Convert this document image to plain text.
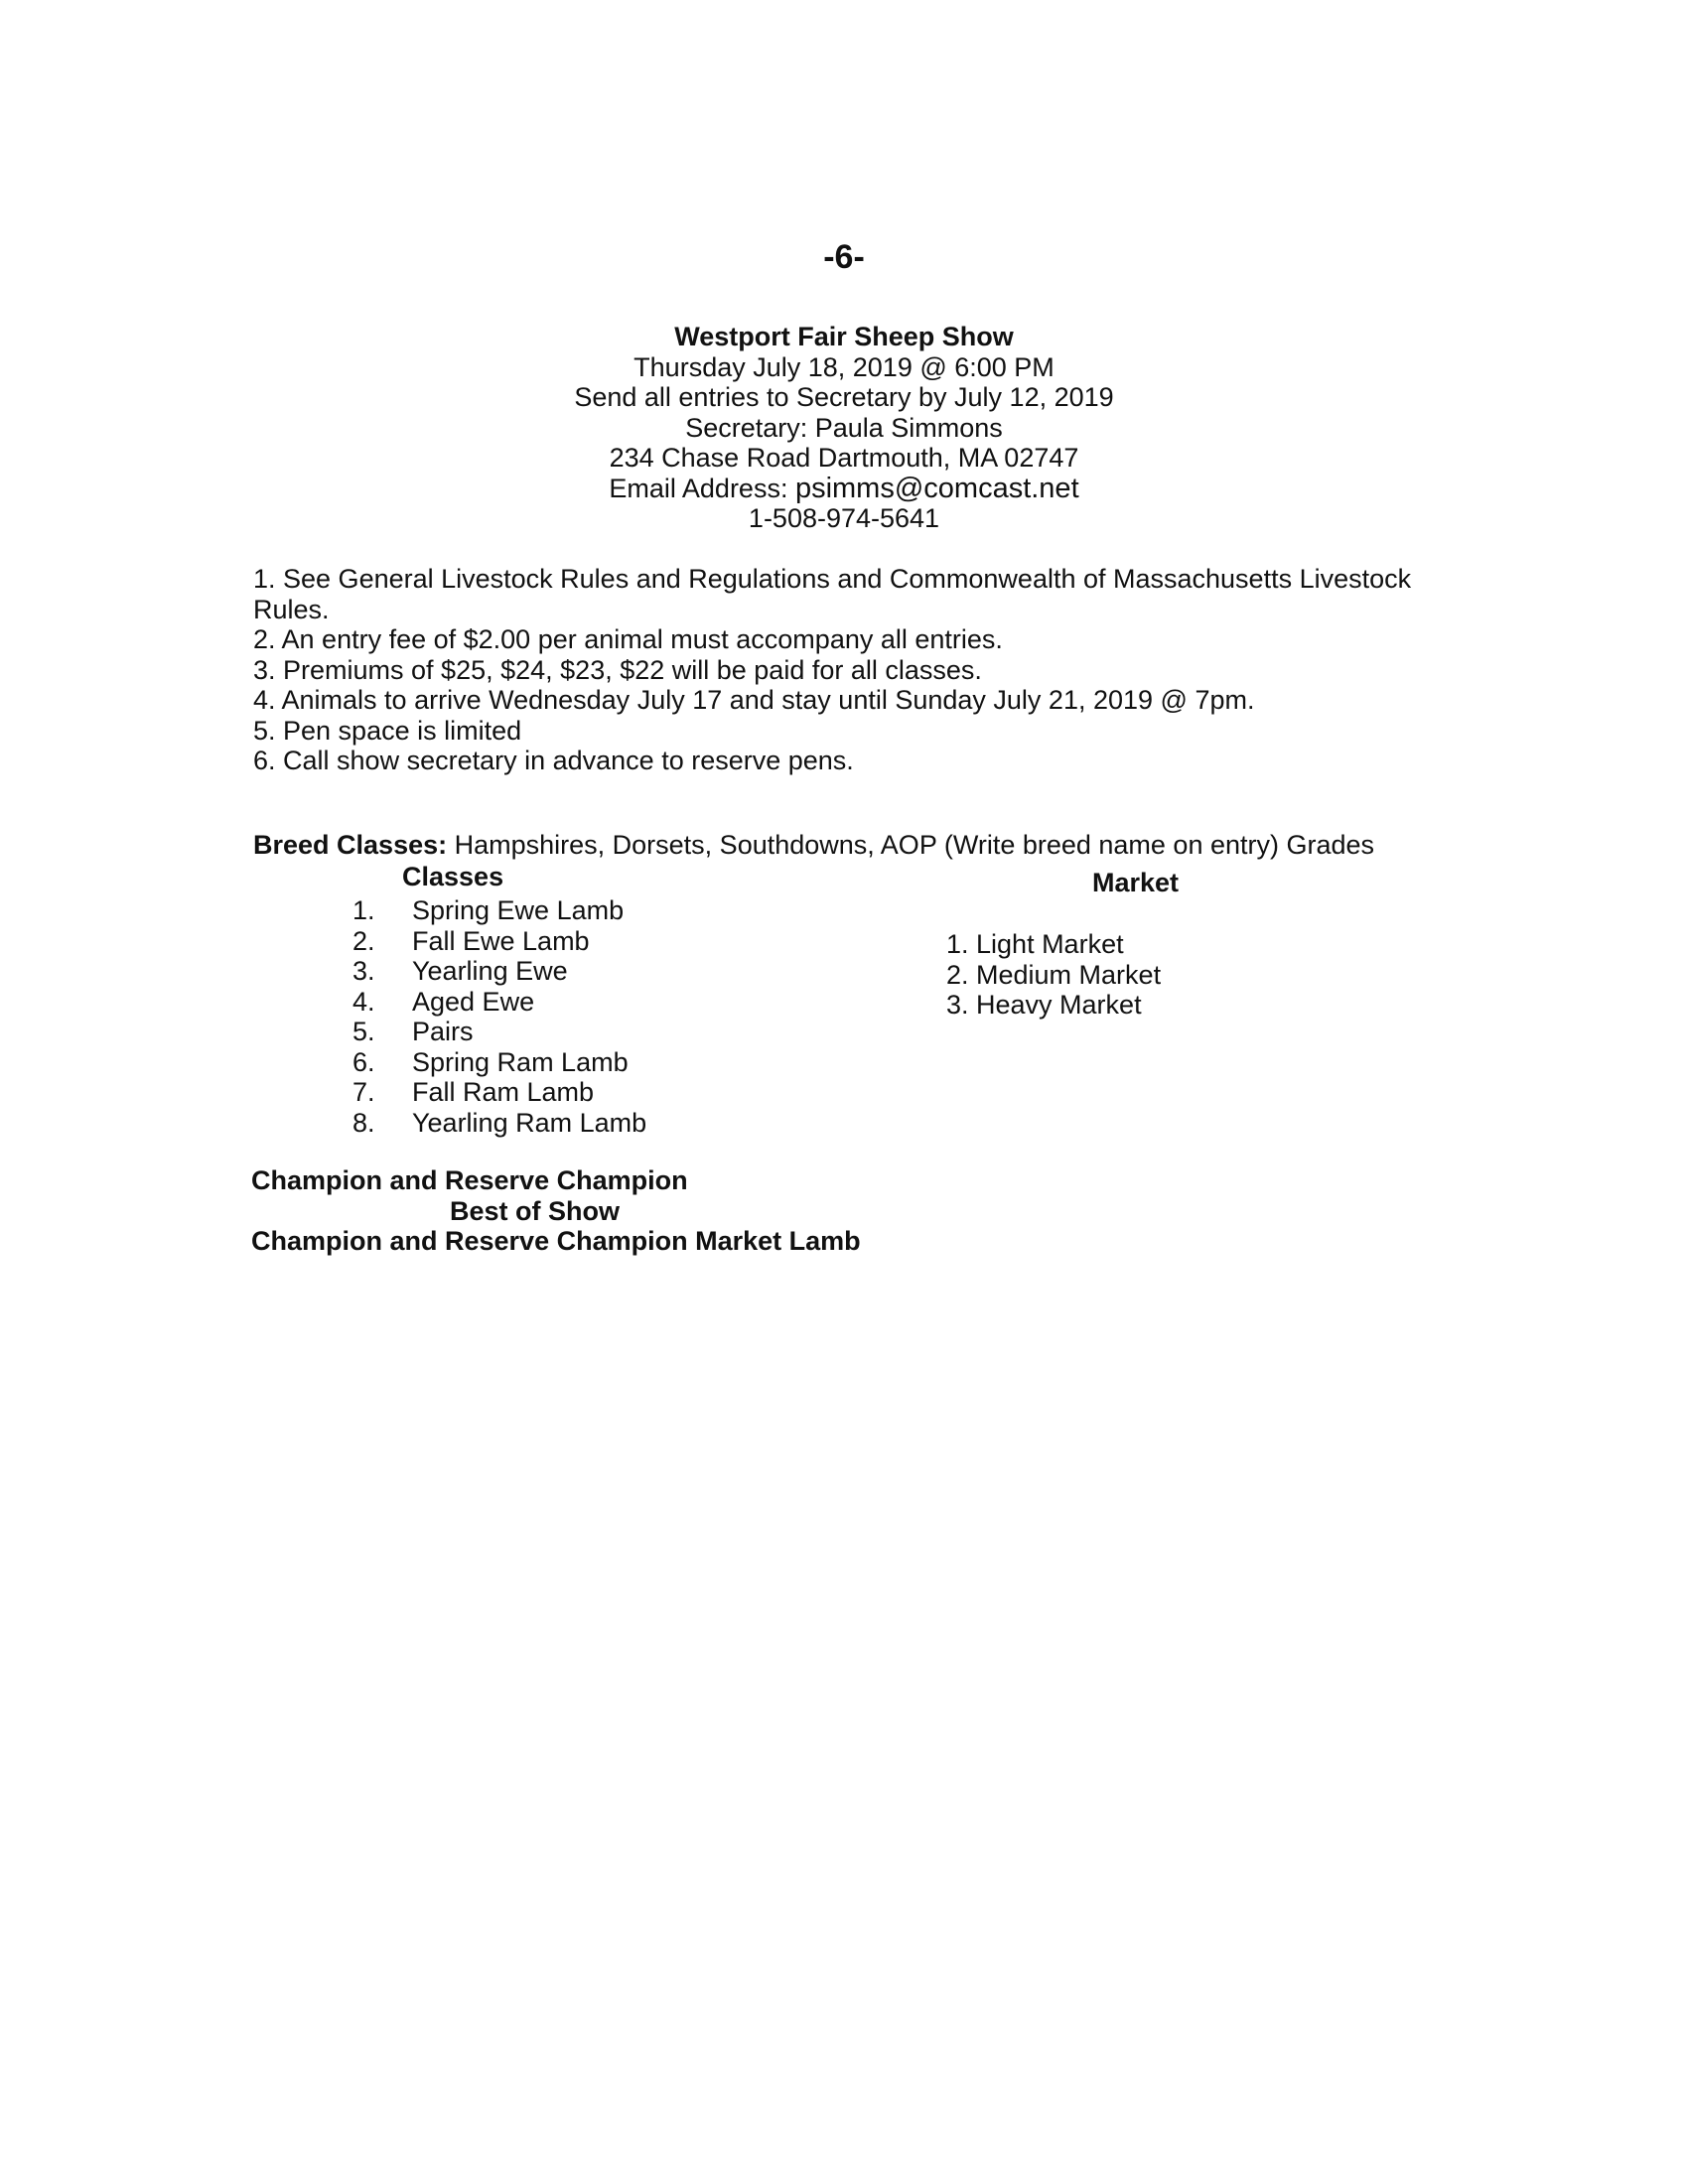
-6-
Westport Fair Sheep Show
Thursday July 18, 2019 @ 6:00 PM
Send all entries to Secretary by July 12, 2019
Secretary: Paula Simmons
234 Chase Road Dartmouth, MA 02747
Email Address: psimms@comcast.net
1-508-974-5641
1. See General Livestock Rules and Regulations and Commonwealth of Massachusetts Livestock Rules.
2. An entry fee of $2.00 per animal must accompany all entries.
3. Premiums of $25, $24, $23, $22 will be paid for all classes.
4. Animals to arrive Wednesday July 17 and stay until Sunday July 21, 2019 @ 7pm.
5. Pen space is limited
6. Call show secretary in advance to reserve pens.
Breed Classes: Hampshires, Dorsets, Southdowns, AOP (Write breed name on entry) Grades
Classes	Market
1.	Spring Ewe Lamb
2.	Fall Ewe Lamb
3.	Yearling Ewe
4.	Aged Ewe
5.	Pairs
6.	Spring Ram Lamb
7.	Fall Ram Lamb
8.	Yearling Ram Lamb
1. Light Market
2. Medium Market
3. Heavy Market
Champion and Reserve Champion
Best of Show
Champion and Reserve Champion Market Lamb
